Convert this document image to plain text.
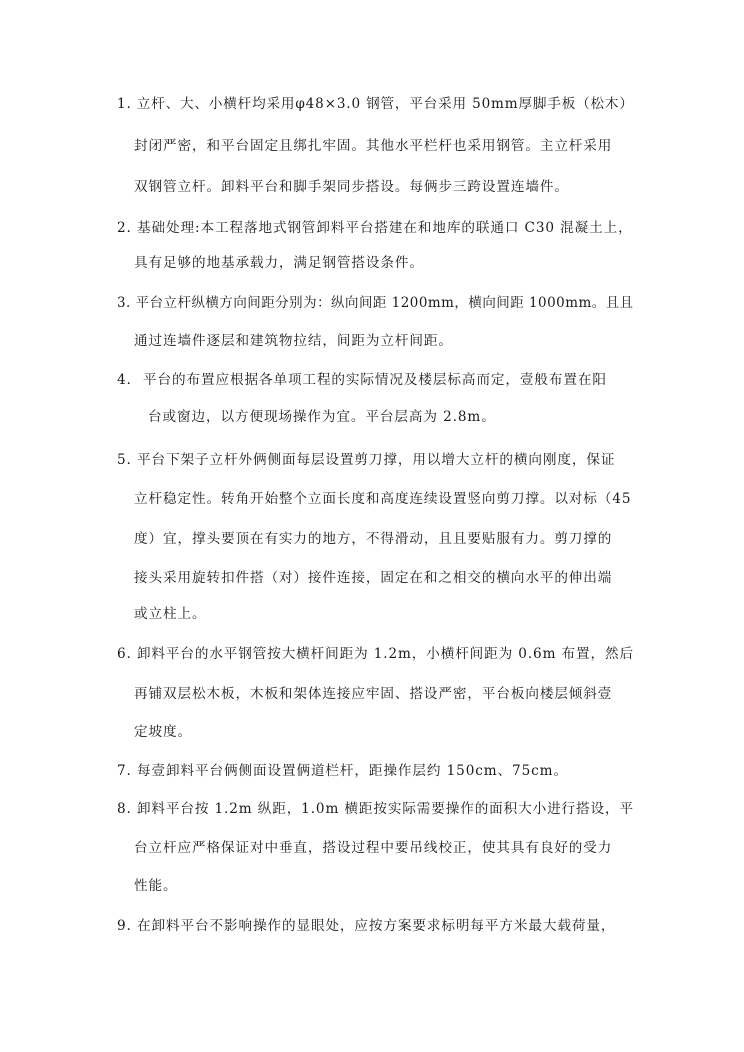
1. 立杆、大、小横杆均采用φ48×3.0 钢管，平台采用 50mm厚脚手板（松木）
封闭严密，和平台固定且绑扎牢固。其他水平栏杆也采用钢管。主立杆采用
双钢管立杆。卸料平台和脚手架同步搭设。每俩步三跨设置连墙件。
2. 基础处理:本工程落地式钢管卸料平台搭建在和地库的联通口 C30 混凝土上，
具有足够的地基承载力，满足钢管搭设条件。
3. 平台立杆纵横方向间距分别为：纵向间距 1200mm，横向间距 1000mm。且且
通过连墙件逐层和建筑物拉结，间距为立杆间距。
4. 平台的布置应根据各单项工程的实际情况及楼层标高而定，壹般布置在阳
台或窗边，以方便现场操作为宜。平台层高为 2.8m。
5. 平台下架子立杆外俩侧面每层设置剪刀撑，用以增大立杆的横向刚度，保证
立杆稳定性。转角开始整个立面长度和高度连续设置竖向剪刀撑。以对标（45
度）宜，撑头要顶在有实力的地方，不得滑动，且且要贴服有力。剪刀撑的
接头采用旋转扣件搭（对）接件连接，固定在和之相交的横向水平的伸出端
或立柱上。
6. 卸料平台的水平钢管按大横杆间距为 1.2m，小横杆间距为 0.6m 布置，然后
再铺双层松木板，木板和架体连接应牢固、搭设严密，平台板向楼层倾斜壹
定坡度。
7. 每壹卸料平台俩侧面设置俩道栏杆，距操作层约 150cm、75cm。
8. 卸料平台按 1.2m 纵距，1.0m 横距按实际需要操作的面积大小进行搭设，平
台立杆应严格保证对中垂直，搭设过程中要吊线校正，使其具有良好的受力
性能。
9. 在卸料平台不影响操作的显眼处，应按方案要求标明每平方米最大载荷量，
